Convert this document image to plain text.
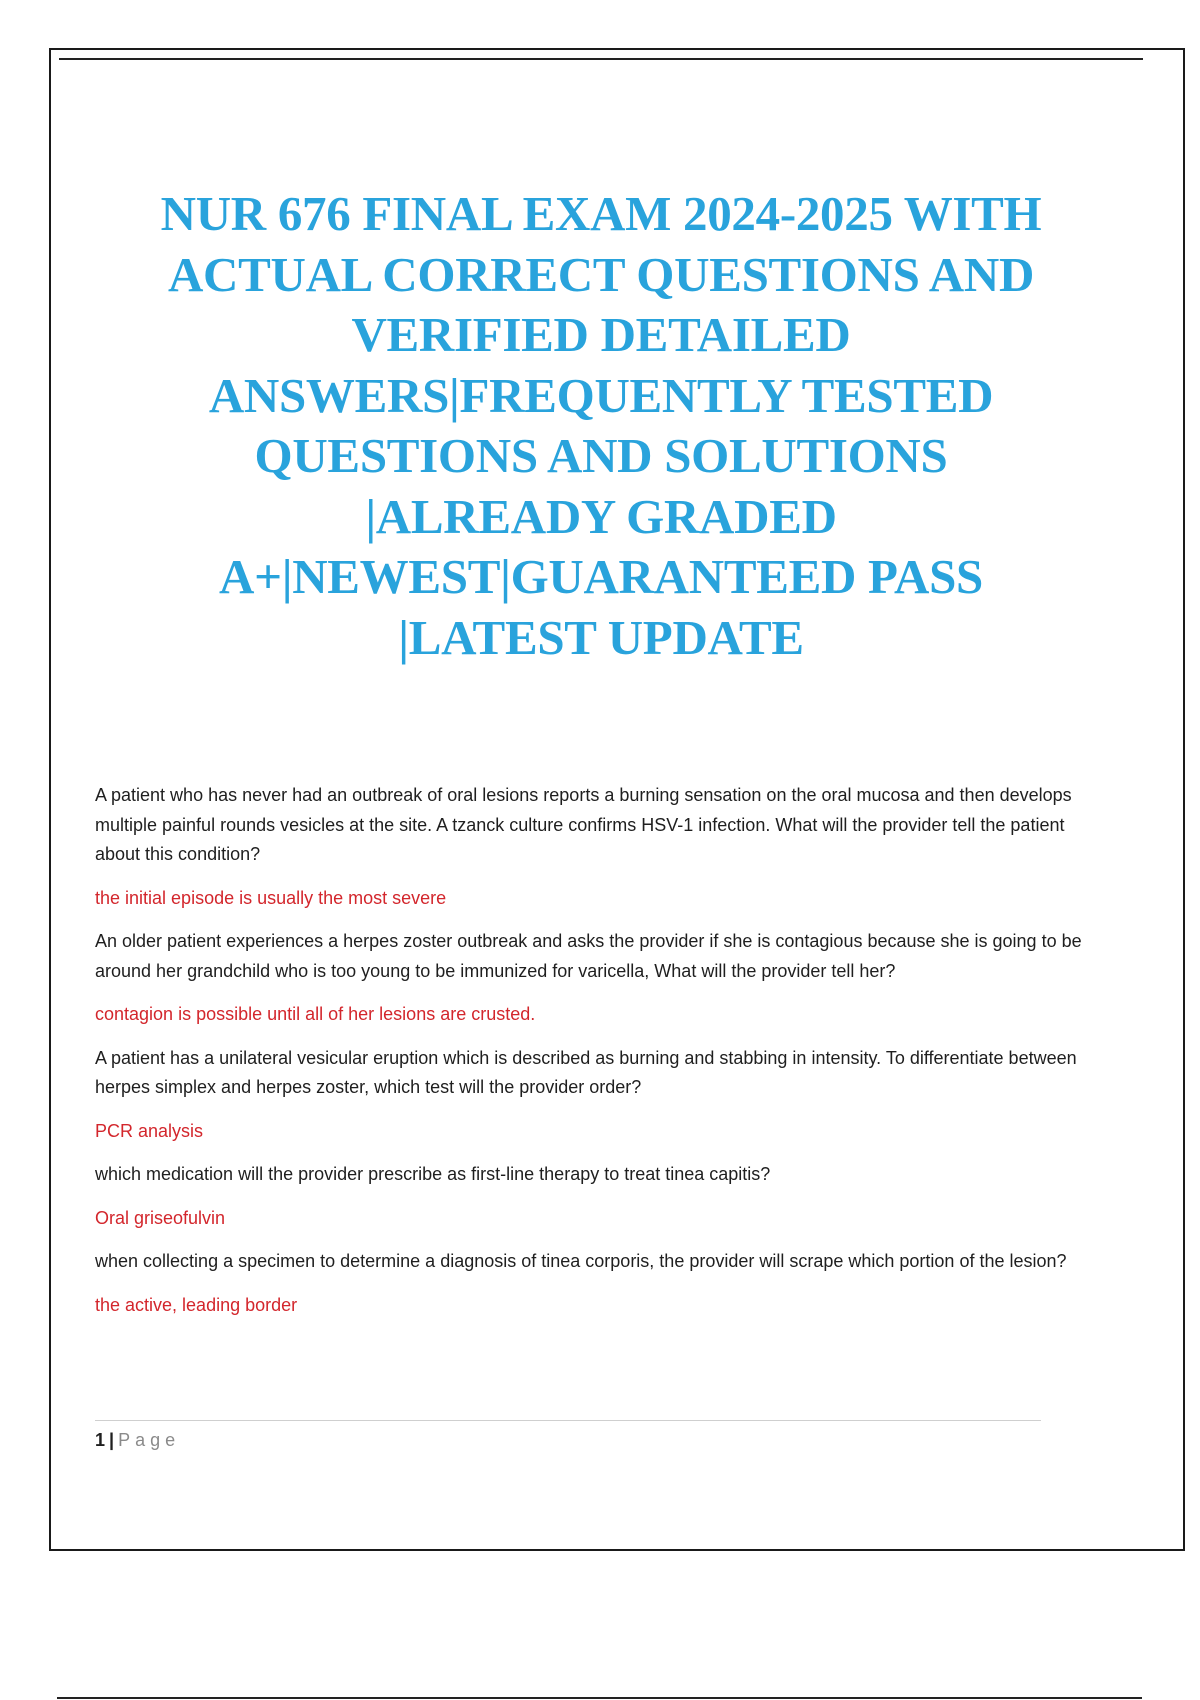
NUR 676 FINAL EXAM 2024-2025 WITH
ACTUAL CORRECT QUESTIONS AND
VERIFIED DETAILED
ANSWERS|FREQUENTLY TESTED
QUESTIONS AND SOLUTIONS
|ALREADY GRADED
A+|NEWEST|GUARANTEED PASS
|LATEST UPDATE

A patient who has never had an outbreak of oral lesions reports a burning sensation on the oral mucosa and then develops multiple painful rounds vesicles at the site. A tzanck culture confirms HSV-1 infection. What will the provider tell the patient about this condition?

the initial episode is usually the most severe

An older patient experiences a herpes zoster outbreak and asks the provider if she is contagious because she is going to be around her grandchild who is too young to be immunized for varicella, What will the provider tell her?

contagion is possible until all of her lesions are crusted.

A patient has a unilateral vesicular eruption which is described as burning and stabbing in intensity. To differentiate between herpes simplex and herpes zoster, which test will the provider order?

PCR analysis

which medication will the provider prescribe as first-line therapy to treat tinea capitis?

Oral griseofulvin

when collecting a specimen to determine a diagnosis of tinea corporis, the provider will scrape which portion of the lesion?

the active, leading border

1 | Page
